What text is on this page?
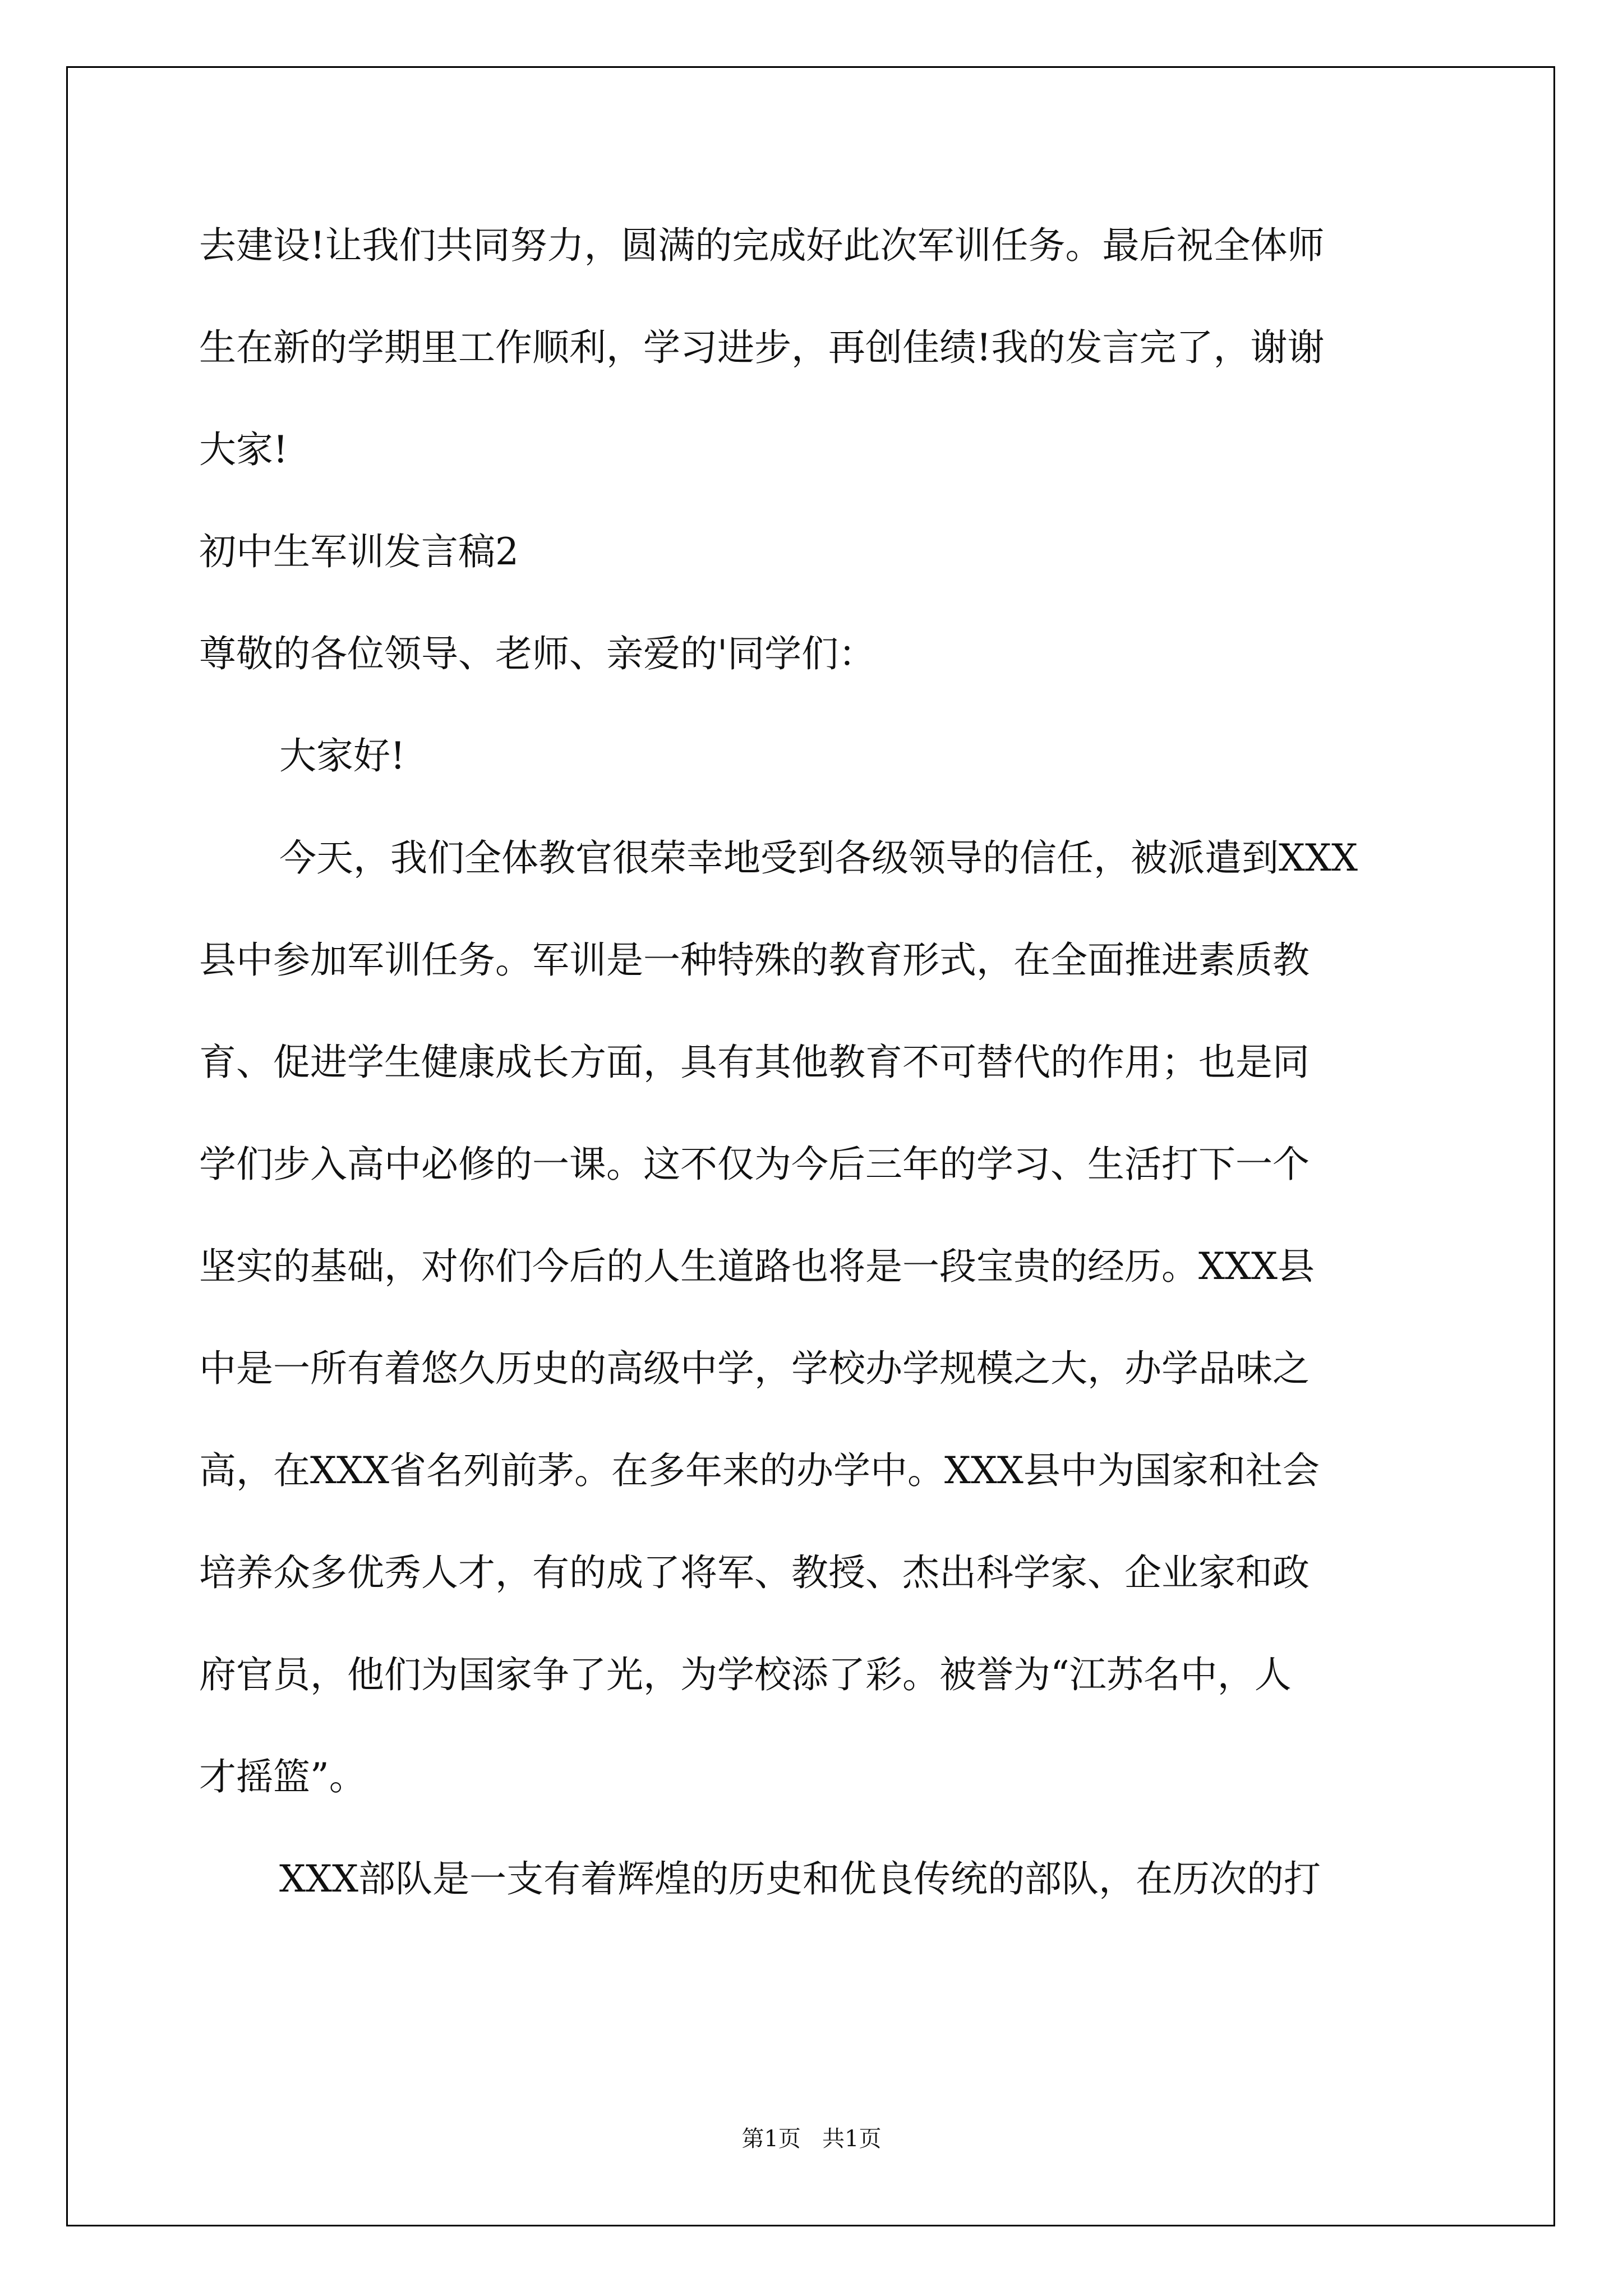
去建设!让我们共同努力，圆满的完成好此次军训任务。最后祝全体师

生在新的学期里工作顺利，学习进步，再创佳绩!我的发言完了，谢谢

大家!

初中生军训发言稿2

尊敬的各位领导、老师、亲爱的'同学们：

大家好!

今天，我们全体教官很荣幸地受到各级领导的信任，被派遣到XXX

县中参加军训任务。军训是一种特殊的教育形式，在全面推进素质教

育、促进学生健康成长方面，具有其他教育不可替代的作用；也是同

学们步入高中必修的一课。这不仅为今后三年的学习、生活打下一个

坚实的基础，对你们今后的人生道路也将是一段宝贵的经历。XXX县

中是一所有着悠久历史的高级中学，学校办学规模之大，办学品味之

高，在XXX省名列前茅。在多年来的办学中。XXX县中为国家和社会

培养众多优秀人才，有的成了将军、教授、杰出科学家、企业家和政

府官员，他们为国家争了光，为学校添了彩。被誉为“江苏名中，人

才摇篮”。

XXX部队是一支有着辉煌的历史和优良传统的部队，在历次的打

第1页   共1页
